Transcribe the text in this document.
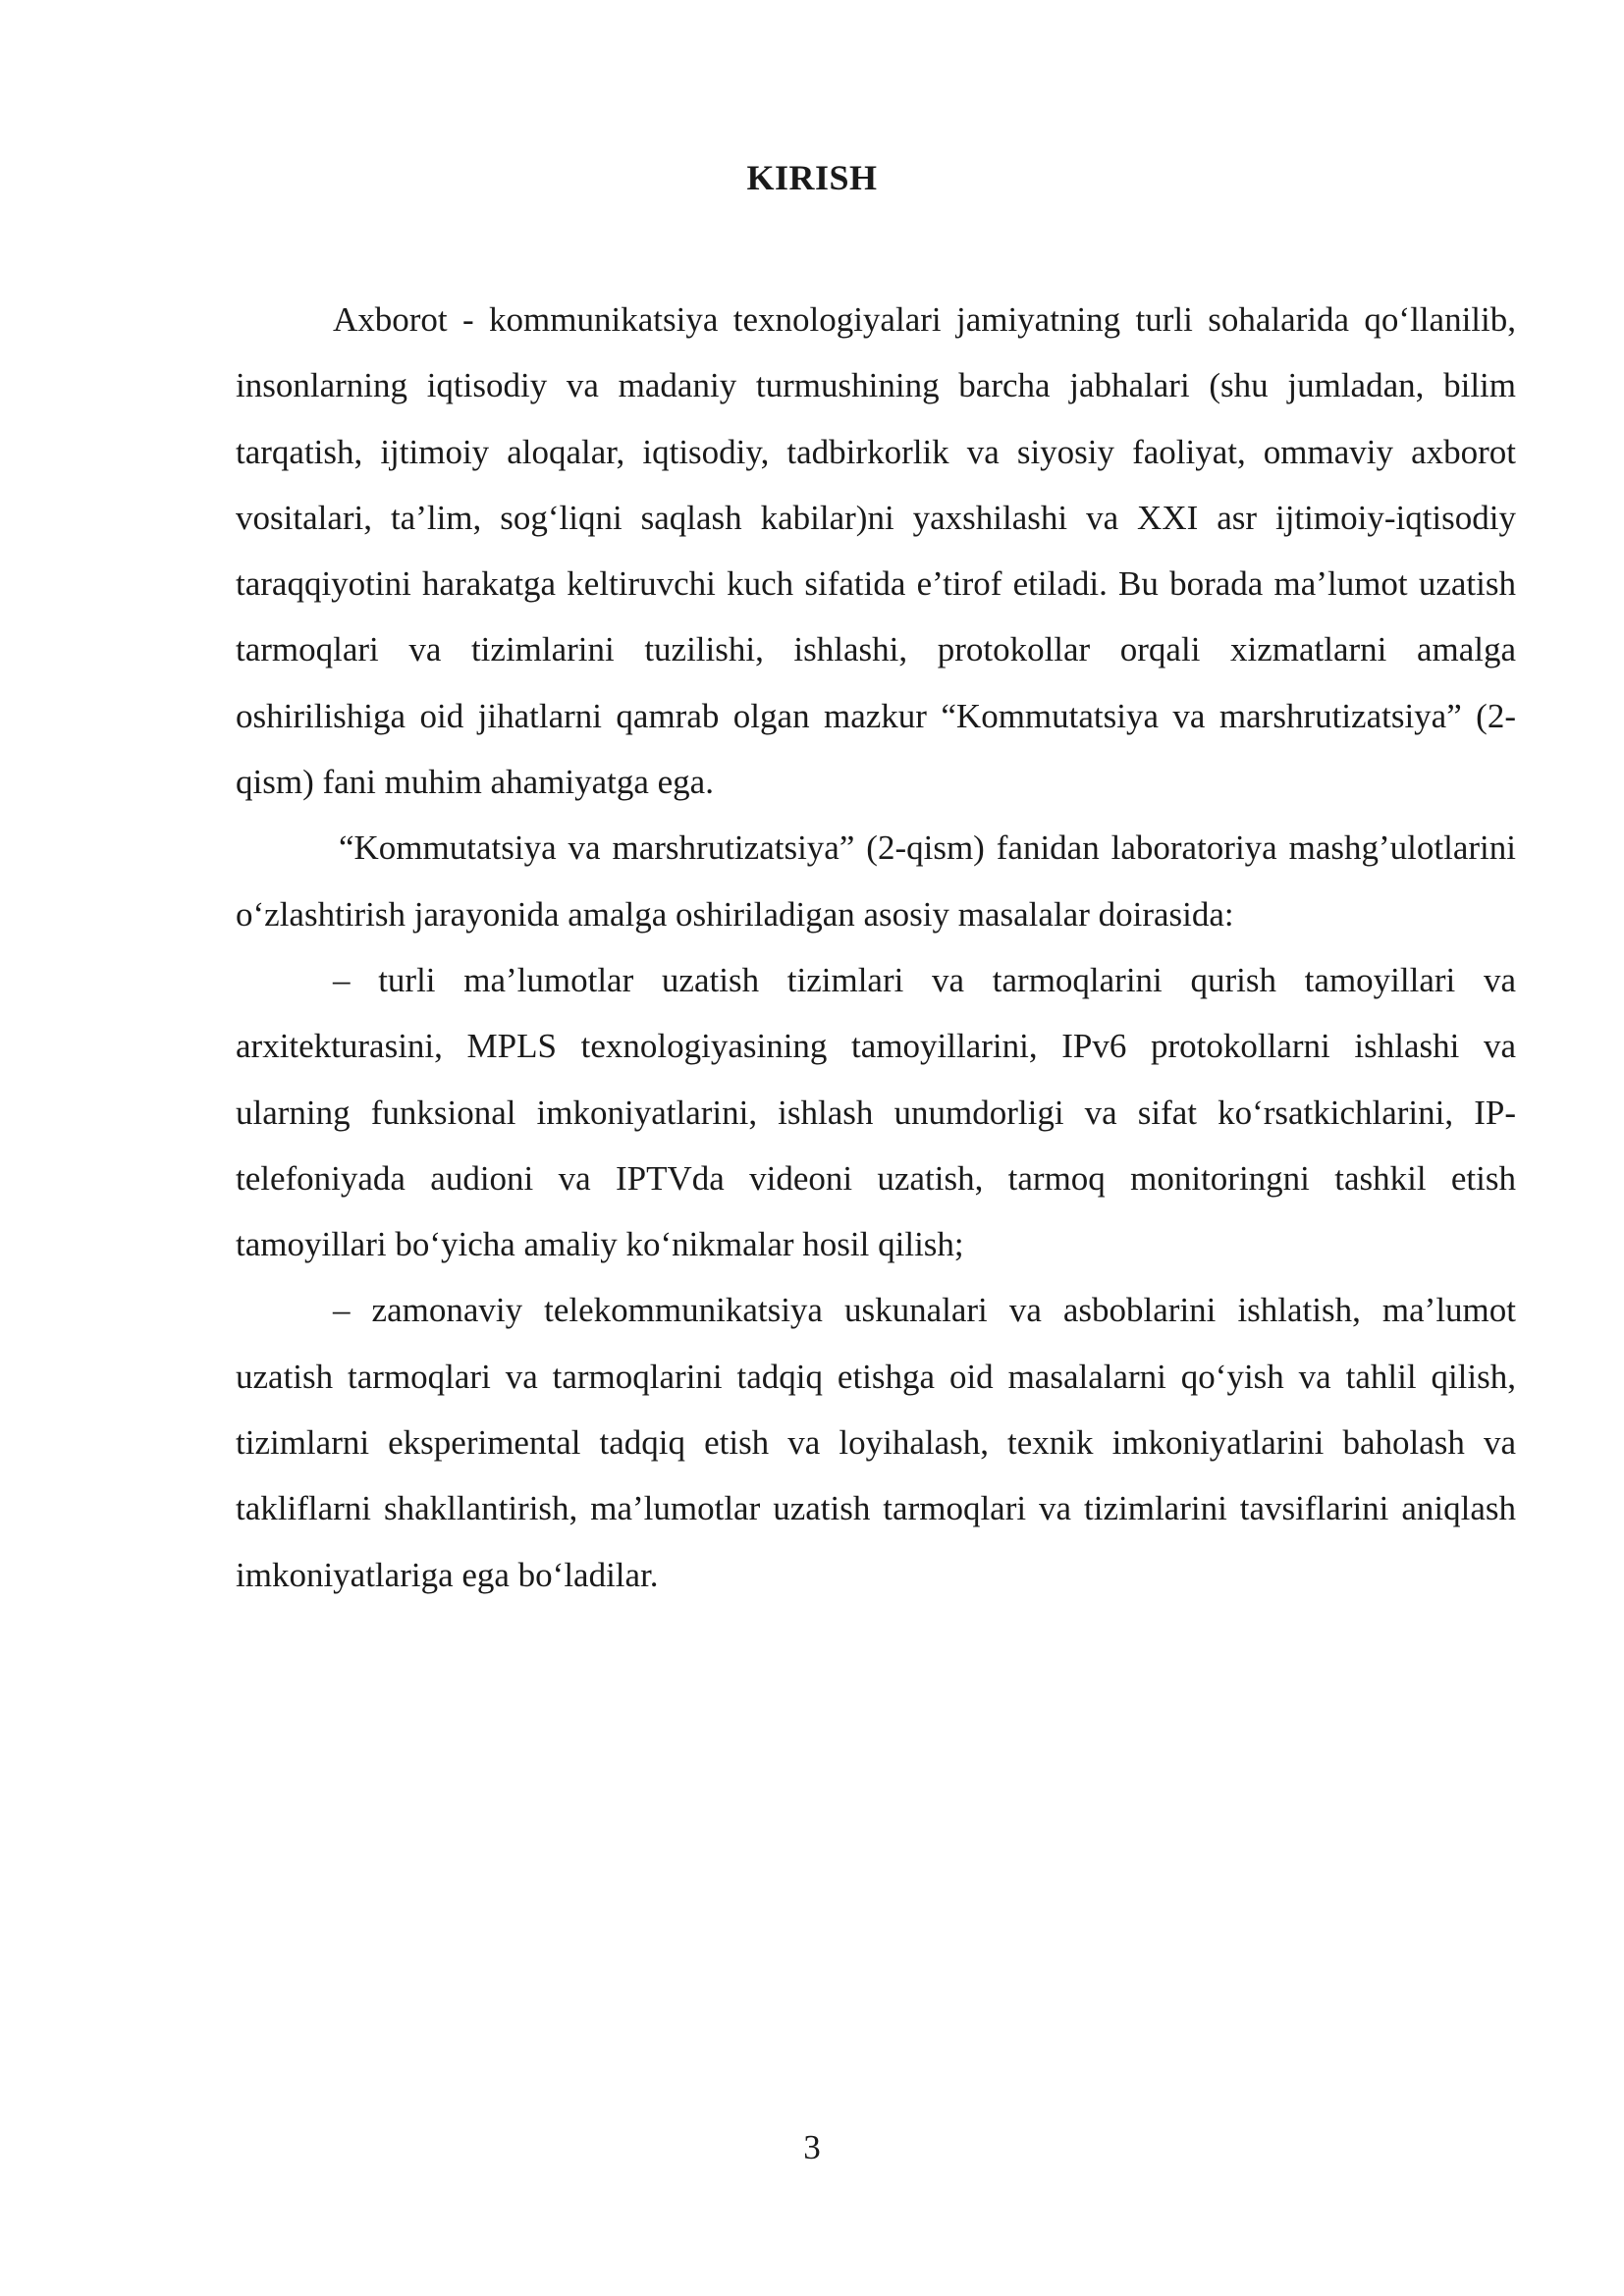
KIRISH

Axborot - kommunikatsiya texnologiyalari jamiyatning turli sohalarida qo‘llanilib, insonlarning iqtisodiy va madaniy turmushining barcha jabhalari (shu jumladan, bilim tarqatish, ijtimoiy aloqalar, iqtisodiy, tadbirkorlik va siyosiy faoliyat, ommaviy axborot vositalari, ta’lim, sog‘liqni saqlash kabilar)ni yaxshilashi va XXI asr ijtimoiy-iqtisodiy taraqqiyotini harakatga keltiruvchi kuch sifatida e’tirof etiladi. Bu borada ma’lumot uzatish tarmoqlari va tizimlarini tuzilishi, ishlashi, protokollar orqali xizmatlarni amalga oshirilishiga oid jihatlarni qamrab olgan mazkur “Kommutatsiya va marshrutizatsiya” (2-qism) fani muhim ahamiyatga ega.

“Kommutatsiya va marshrutizatsiya” (2-qism) fanidan laboratoriya mashg’ulotlarini o‘zlashtirish jarayonida amalga oshiriladigan asosiy masalalar doirasida:

– turli ma’lumotlar uzatish tizimlari va tarmoqlarini qurish tamoyillari va arxitekturasini, MPLS texnologiyasining tamoyillarini, IPv6 protokollarni ishlashi va ularning funksional imkoniyatlarini, ishlash unumdorligi va sifat ko‘rsatkichlarini, IP-telefoniyada audioni va IPTVda videoni uzatish, tarmoq monitoringni tashkil etish tamoyillari bo‘yicha amaliy ko‘nikmalar hosil qilish;

– zamonaviy telekommunikatsiya uskunalari va asboblarini ishlatish, ma’lumot uzatish tarmoqlari va tarmoqlarini tadqiq etishga oid masalalarni qo‘yish va tahlil qilish, tizimlarni eksperimental tadqiq etish va loyihalash, texnik imkoniyatlarini baholash va takliflarni shakllantirish, ma’lumotlar uzatish tarmoqlari va tizimlarini tavsiflarini aniqlash imkoniyatlariga ega bo‘ladilar.

3
